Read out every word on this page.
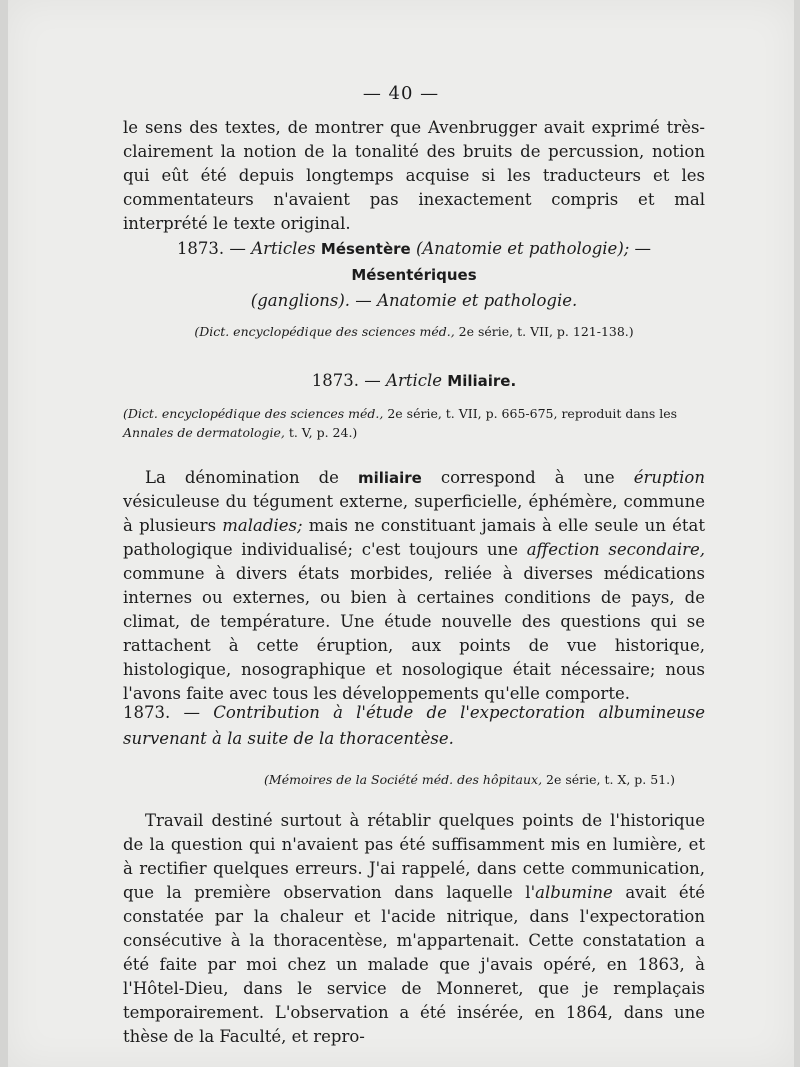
— 40 —

le sens des textes, de montrer que Avenbrugger avait exprimé très-clairement la notion de la tonalité des bruits de percussion, notion qui eût été depuis longtemps acquise si les traducteurs et les commentateurs n'avaient pas inexactement compris et mal interprété le texte original.

1873. — Articles Mésentère (Anatomie et pathologie); — Mésentériques
(ganglions). — Anatomie et pathologie.

(Dict. encyclopédique des sciences méd., 2e série, t. VII, p. 121-138.)

1873. — Article Miliaire.

(Dict. encyclopédique des sciences méd., 2e série, t. VII, p. 665-675, reproduit dans les Annales de dermatologie, t. V, p. 24.)

La dénomination de miliaire correspond à une éruption vésiculeuse du tégument externe, superficielle, éphémère, commune à plusieurs maladies; mais ne constituant jamais à elle seule un état pathologique individualisé; c'est toujours une affection secondaire, commune à divers états morbides, reliée à diverses médications internes ou externes, ou bien à certaines conditions de pays, de climat, de température. Une étude nouvelle des questions qui se rattachent à cette éruption, aux points de vue historique, histologique, nosographique et nosologique était nécessaire; nous l'avons faite avec tous les développements qu'elle comporte.

1873. — Contribution à l'étude de l'expectoration albumineuse survenant à la suite de la thoracentèse.

(Mémoires de la Société méd. des hôpitaux, 2e série, t. X, p. 51.)

Travail destiné surtout à rétablir quelques points de l'historique de la question qui n'avaient pas été suffisamment mis en lumière, et à rectifier quelques erreurs. J'ai rappelé, dans cette communication, que la première observation dans laquelle l'albumine avait été constatée par la chaleur et l'acide nitrique, dans l'expectoration consécutive à la thoracentèse, m'appartenait. Cette constatation a été faite par moi chez un malade que j'avais opéré, en 1863, à l'Hôtel-Dieu, dans le service de Monneret, que je remplaçais temporairement. L'observation a été insérée, en 1864, dans une thèse de la Faculté, et repro-
